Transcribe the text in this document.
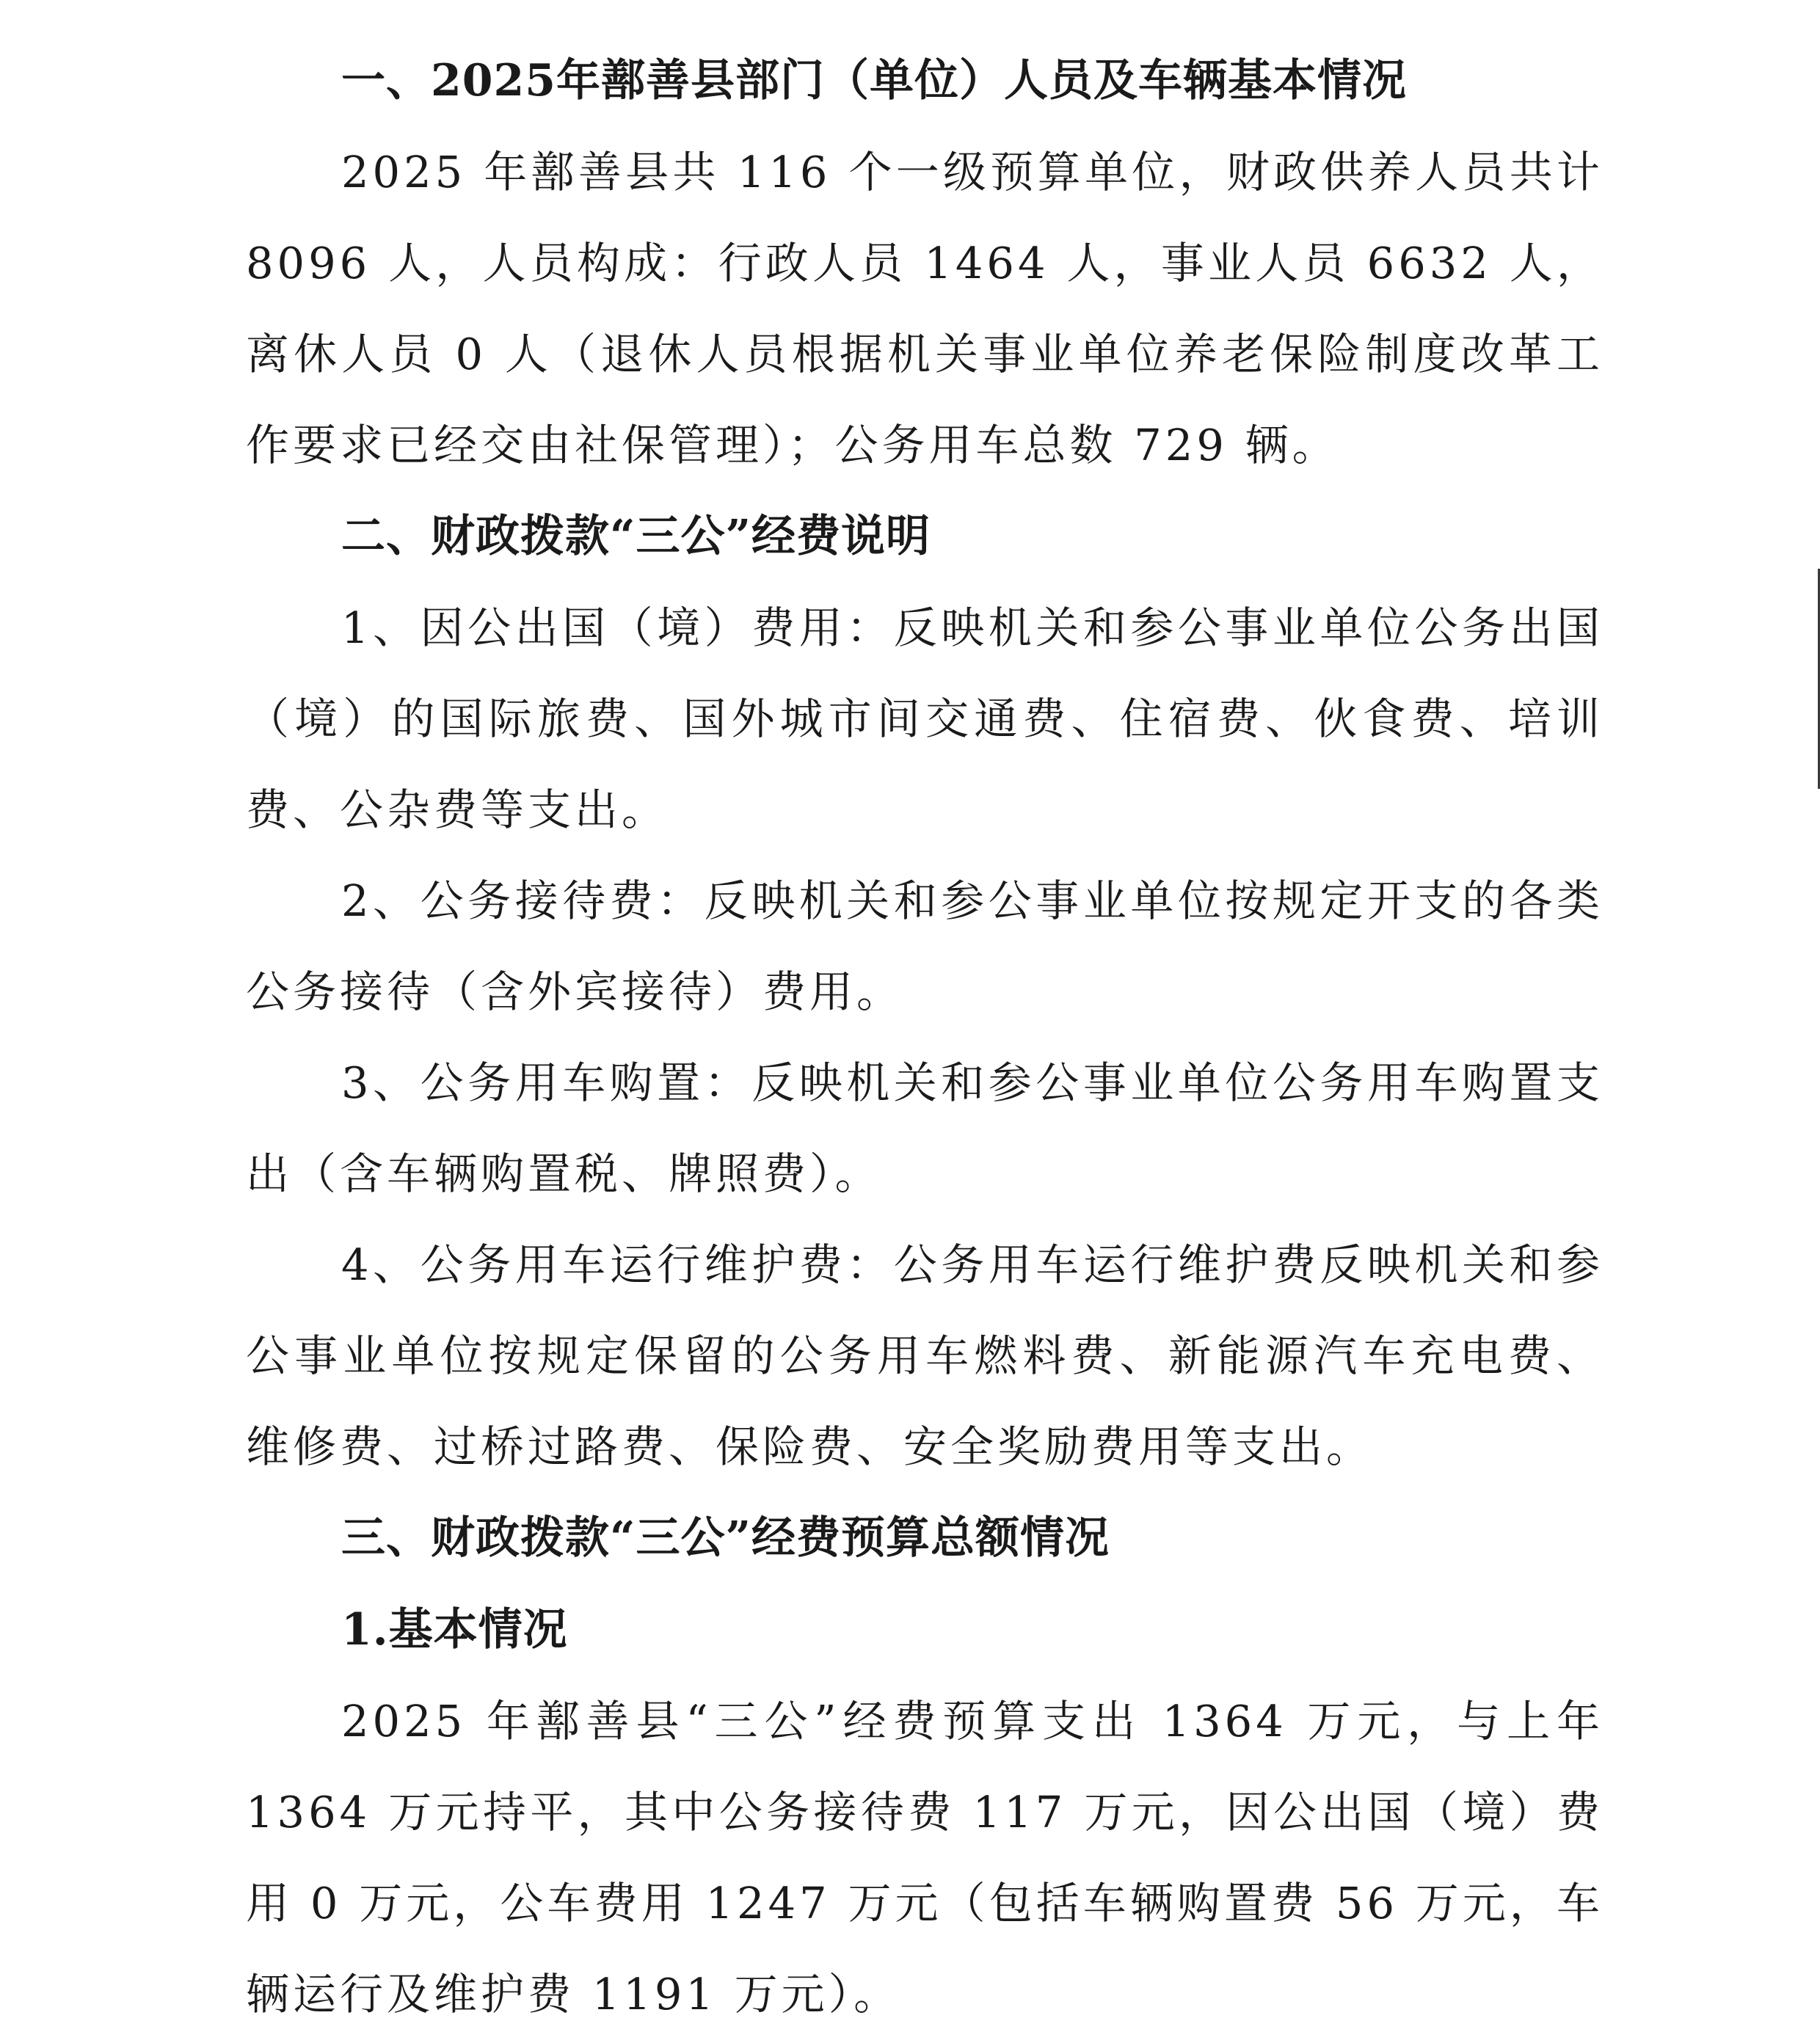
一、2025年鄯善县部门（单位）人员及车辆基本情况

2025 年鄯善县共 116 个一级预算单位，财政供养人员共计 8096 人，人员构成：行政人员 1464 人，事业人员 6632 人，离休人员 0 人（退休人员根据机关事业单位养老保险制度改革工作要求已经交由社保管理）；公务用车总数 729 辆。

二、财政拨款“三公”经费说明

1、因公出国（境）费用：反映机关和参公事业单位公务出国（境）的国际旅费、国外城市间交通费、住宿费、伙食费、培训费、公杂费等支出。

2、公务接待费：反映机关和参公事业单位按规定开支的各类公务接待（含外宾接待）费用。

3、公务用车购置：反映机关和参公事业单位公务用车购置支出（含车辆购置税、牌照费）。

4、公务用车运行维护费：公务用车运行维护费反映机关和参公事业单位按规定保留的公务用车燃料费、新能源汽车充电费、维修费、过桥过路费、保险费、安全奖励费用等支出。

三、财政拨款“三公”经费预算总额情况

1.基本情况

2025 年鄯善县“三公”经费预算支出 1364 万元，与上年 1364 万元持平，其中公务接待费 117 万元，因公出国（境）费用 0 万元，公车费用 1247 万元（包括车辆购置费 56 万元，车辆运行及维护费 1191 万元）。
